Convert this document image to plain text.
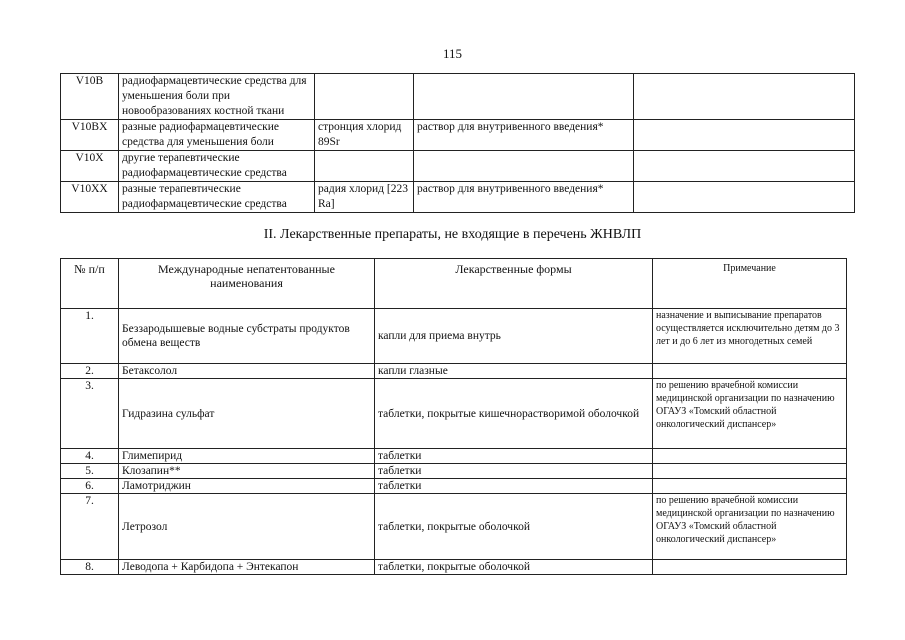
115
V10B	радиофармацевтические средства для уменьшения боли при новообразованиях костной ткани			
V10BX	разные радиофармацевтические средства для уменьшения боли	стронция хлорид 89Sr	раствор для внутривенного введения*	
V10X	другие терапевтические радиофармацевтические средства			
V10XX	разные терапевтические радиофармацевтические средства	радия хлорид [223 Ra]	раствор для внутривенного введения*	
II. Лекарственные препараты, не входящие в перечень ЖНВЛП
№ п/п	Международные непатентованные наименования	Лекарственные формы	Примечание
1.	Беззародышевые водные субстраты продуктов обмена веществ	капли для приема внутрь	назначение и выписывание препаратов осуществляется исключительно детям до 3 лет и до 6 лет из многодетных семей
2.	Бетаксолол	капли глазные	
3.	Гидразина сульфат	таблетки, покрытые кишечнорастворимой оболочкой	по решению врачебной комиссии медицинской организации по назначению ОГАУЗ «Томский областной онкологический диспансер»
4.	Глимепирид	таблетки	
5.	Клозапин**	таблетки	
6.	Ламотриджин	таблетки	
7.	Летрозол	таблетки, покрытые оболочкой	по решению врачебной комиссии медицинской организации по назначению ОГАУЗ «Томский областной онкологический диспансер»
8.	Леводопа + Карбидопа + Энтекапон	таблетки, покрытые оболочкой	
